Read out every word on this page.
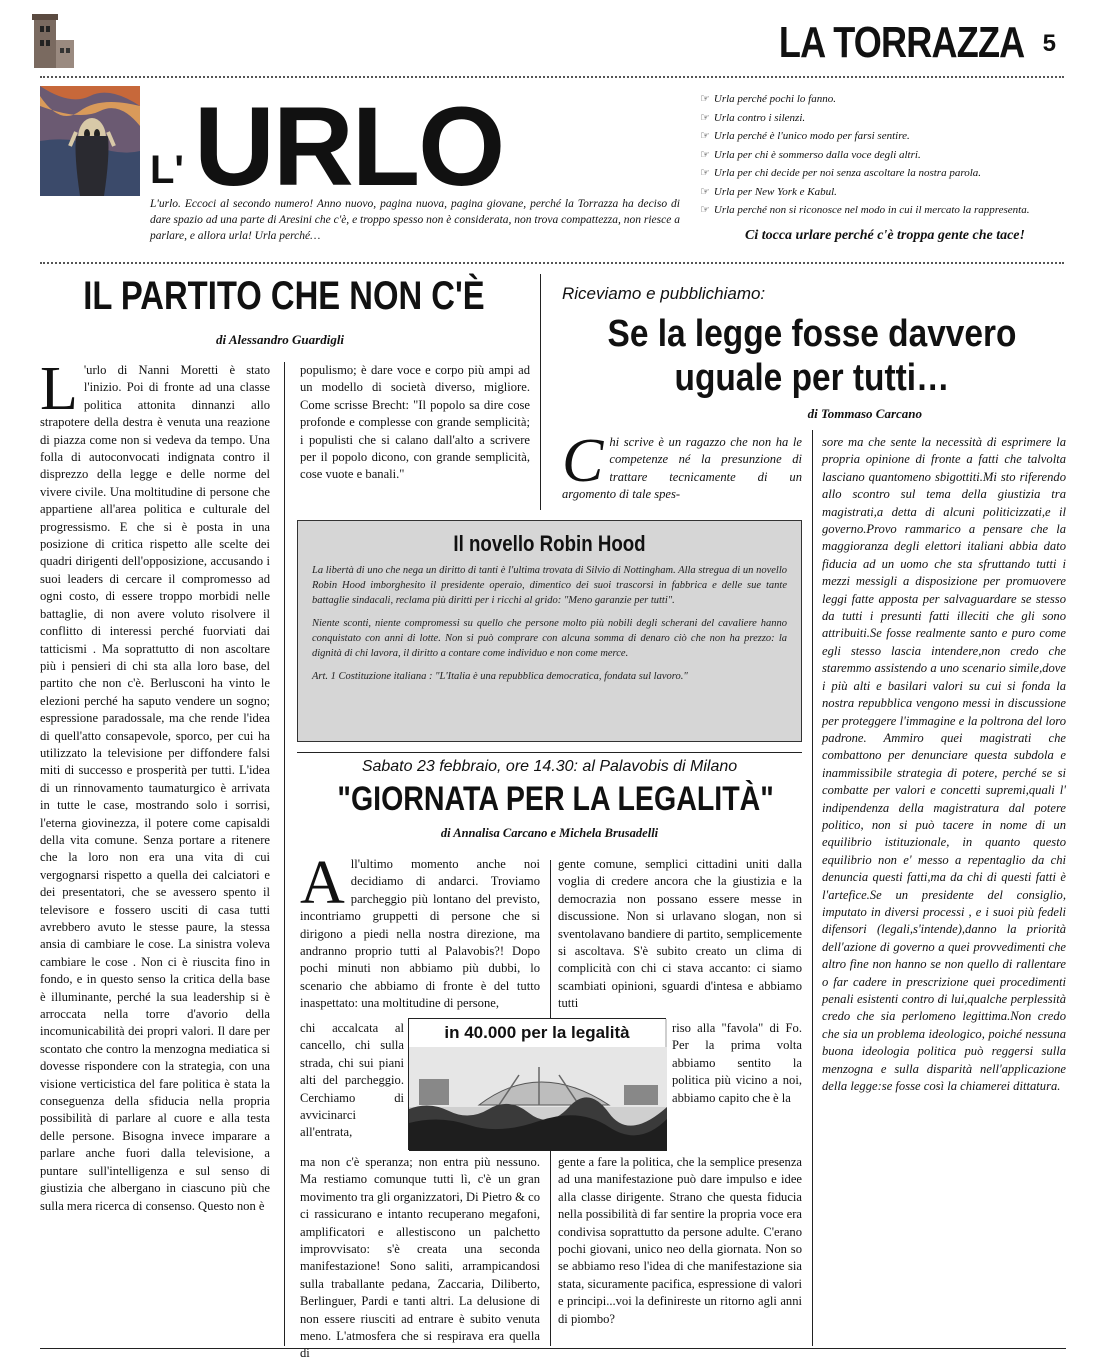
LA TORRAZZA 5
L' URLO
L'urlo. Eccoci al secondo numero! Anno nuovo, pagina nuova, pagina giovane, perché la Torrazza ha deciso di dare spazio ad una parte di Aresini che c'è, e troppo spesso non è considerata, non trova compattezza, non riesce a parlare, e allora urla! Urla perché…
☞ Urla perché pochi lo fanno.
☞ Urla contro i silenzi.
☞ Urla perché è l'unico modo per farsi sentire.
☞ Urla per chi è sommerso dalla voce degli altri.
☞ Urla per chi decide per noi senza ascoltare la nostra parola.
☞ Urla per New York e Kabul.
☞ Urla perché non si riconosce nel modo in cui il mercato la rappresenta.
Ci tocca urlare perché c'è troppa gente che tace!
IL PARTITO CHE NON C'È
di Alessandro Guardigli
L 'urlo di Nanni Moretti è stato l'inizio. Poi di fronte ad una classe politica attonita dinnanzi allo strapotere della destra è venuta una reazione di piazza come non si vedeva da tempo. Una folla di autoconvocati indignata contro il disprezzo della legge e delle norme del vivere civile. Una moltitudine di persone che appartiene all'area politica e culturale del progressismo. E che si è posta in una posizione di critica rispetto alle scelte dei quadri dirigenti dell'opposizione, accusando i suoi leaders di cercare il compromesso ad ogni costo, di essere troppo morbidi nelle battaglie, di non avere voluto risolvere il conflitto di interessi perché fuorviati dai tatticismi . Ma soprattutto di non ascoltare più i pensieri di chi sta alla loro base, del partito che non c'è. Berlusconi ha vinto le elezioni perché ha saputo vendere un sogno; espressione paradossale, ma che rende l'idea di quell'atto consapevole, sporco, per cui ha utilizzato la televisione per diffondere falsi miti di successo e prosperità per tutti. L'idea di un rinnovamento taumaturgico è arrivata in tutte le case, mostrando solo i sorrisi, l'eterna giovinezza, il potere come capisaldi della vita comune. Senza portare a ritenere che la loro non era una vita di cui vergognarsi rispetto a quella dei calciatori e dei presentatori, che se avessero spento il televisore e fossero usciti di casa tutti avrebbero avuto le stesse paure, la stessa ansia di cambiare le cose. La sinistra voleva cambiare le cose . Non ci è riuscita fino in fondo, e in questo senso la critica della base è illuminante, perché la sua leadership si è arroccata nella torre d'avorio della incomunicabilità dei propri valori. Il dare per scontato che contro la menzogna mediatica si dovesse rispondere con la strategia, con una visione verticistica del fare politica è stata la conseguenza della sfiducia nella propria possibilità di parlare al cuore e alla testa delle persone. Bisogna invece imparare a parlare anche fuori dalla televisione, a puntare sull'intelligenza e sul senso di giustizia che albergano in ciascuno più che sulla mera ricerca di consenso. Questo non è
populismo; è dare voce e corpo più ampi ad un modello di società diverso, migliore. Come scrisse Brecht: "Il popolo sa dire cose profonde e complesse con grande semplicità; i populisti che si calano dall'alto a scrivere per il popolo dicono, con grande semplicità, cose vuote e banali."
Riceviamo e pubblichiamo:
Se la legge fosse davvero
uguale per tutti…
di Tommaso Carcano
Chi scrive è un ragazzo che non ha le competenze né la presunzione di trattare tecnicamente di un argomento di tale spes-
sore ma che sente la necessità di esprimere la propria opinione di fronte a fatti che talvolta lasciano quantomeno sbigottiti.Mi sto riferendo allo scontro sul tema della giustizia tra magistrati,a detta di alcuni politicizzati,e il governo.Provo rammarico a pensare che la maggioranza degli elettori italiani abbia dato fiducia ad un uomo che sta sfruttando tutti i mezzi messigli a disposizione per promuovere leggi fatte apposta per salvaguardare se stesso da tutti i presunti fatti illeciti che gli sono attribuiti.Se fosse realmente santo e puro come egli stesso lascia intendere,non credo che staremmo assistendo a uno scenario simile,dove i più alti e basilari valori su cui si fonda la nostra repubblica vengono messi in discussione per proteggere l'immagine e la poltrona del loro padrone. Ammiro quei magistrati che combattono per denunciare questa subdola e inammissibile strategia di potere, perché se si combatte per valori e concetti supremi,quali l' indipendenza della magistratura dal potere politico, non si può tacere in nome di un equilibrio istituzionale, in quanto questo equilibrio non e' messo a repentaglio da chi denuncia questi fatti,ma da chi di questi fatti è l'artefice.Se un presidente del consiglio, imputato in diversi processi , e i suoi più fedeli difensori (legali,s'intende),danno la priorità dell'azione di governo a quei provvedimenti che altro fine non hanno se non quello di rallentare o far cadere in prescrizione quei procedimenti penali esistenti contro di lui,qualche perplessità credo che sia perlomeno legittima.Non credo che sia un problema ideologico, poiché nessuna buona ideologia politica può reggersi sulla menzogna e sulla disparità nell'applicazione della legge:se fosse così la chiamerei dittatura.
Il novello Robin Hood

La libertà di uno che nega un diritto di tanti è l'ultima trovata di Silvio di Nottingham. Alla stregua di un novello Robin Hood imborghesito il presidente operaio, dimentico dei suoi trascorsi in fabbrica e delle sue tante battaglie sindacali, reclama più diritti per i ricchi al grido: "Meno garanzie per tutti".

Niente sconti, niente compromessi su quello che persone molto più nobili degli scherani del cavaliere hanno conquistato con anni di lotte. Non si può comprare con alcuna somma di denaro ciò che non ha prezzo: la dignità di chi lavora, il diritto a contare come individuo e non come merce.

Art. 1 Costituzione italiana : "L'Italia è una repubblica democratica, fondata sul lavoro."

Sabato 23 febbraio, ore 14.30: al Palavobis di Milano
"GIORNATA PER LA LEGALITÀ"
di Annalisa Carcano e Michela Brusadelli
All'ultimo momento anche noi decidiamo di andarci. Troviamo parcheggio più lontano del previsto, incontriamo gruppetti di persone che si dirigono a piedi nella nostra direzione, ma andranno proprio tutti al Palavobis?! Dopo pochi minuti non abbiamo più dubbi, lo scenario che abbiamo di fronte è del tutto inaspettato: una moltitudine di persone,
chi accalcata al cancello, chi sulla strada, chi sui piani alti del parcheggio. Cerchiamo di avvicinarci all'entrata,
ma non c'è speranza; non entra più nessuno. Ma restiamo comunque tutti lì, c'è un gran movimento tra gli organizzatori, Di Pietro & co ci rassicurano e intanto recuperano megafoni, amplificatori e allestiscono un palchetto improvvisato: s'è creata una seconda manifestazione! Sono saliti, arrampicandosi sulla traballante pedana, Zaccaria, Diliberto, Berlinguer, Pardi e tanti altri. La delusione di non essere riusciti ad entrare è subito venuta meno. L'atmosfera che si respirava era quella di
gente comune, semplici cittadini uniti dalla voglia di credere ancora che la giustizia e la democrazia non possano essere messe in discussione. Non si urlavano slogan, non si sventolavano bandiere di partito, semplicemente si ascoltava. S'è subito creato un clima di complicità con chi ci stava accanto: ci siamo scambiati opinioni, sguardi d'intesa e abbiamo tutti
riso alla "favola" di Fo. Per la prima volta abbiamo sentito la politica più vicino a noi, abbiamo capito che è la
gente a fare la politica, che la semplice presenza ad una manifestazione può dare impulso e idee alla classe dirigente. Strano che questa fiducia nella possibilità di far sentire la propria voce era condivisa soprattutto da persone adulte. C'erano pochi giovani, unico neo della giornata. Non so se abbiamo reso l'idea di che manifestazione sia stata, sicuramente pacifica, espressione di valori e principi...voi la definireste un ritorno agli anni di piombo?
in 40.000 per la legalità
